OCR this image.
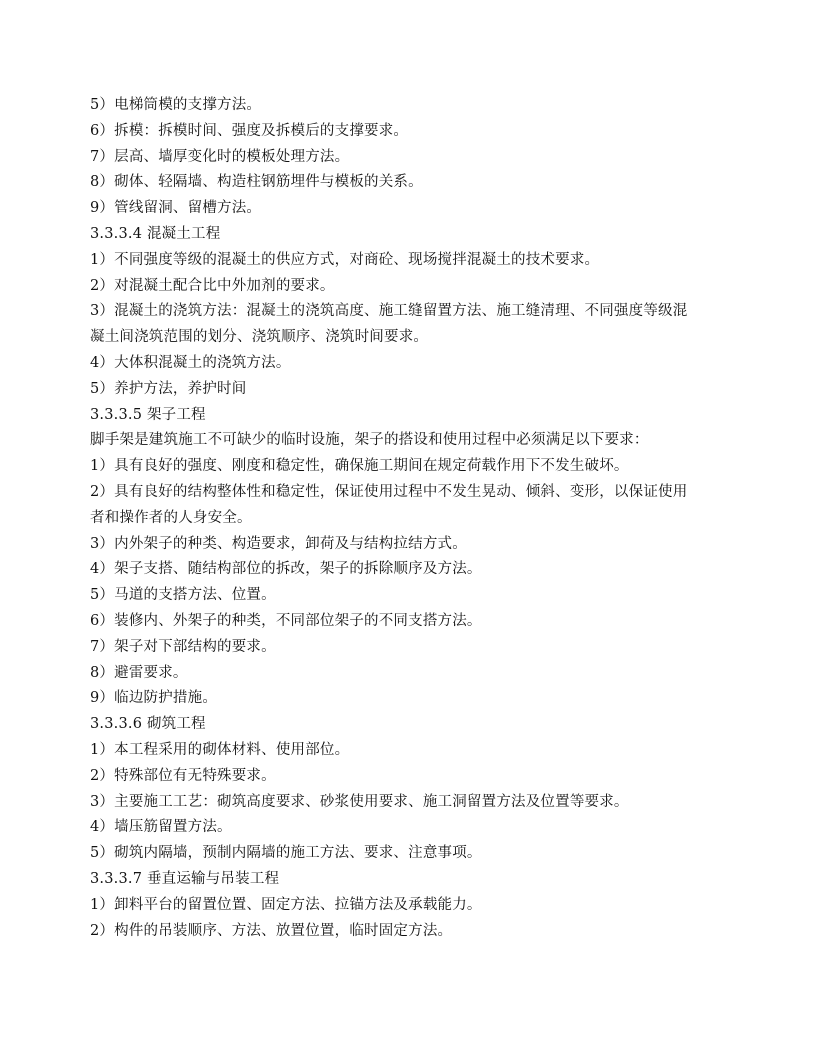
5）电梯筒模的支撑方法。
6）拆模：拆模时间、强度及拆模后的支撑要求。
7）层高、墙厚变化时的模板处理方法。
8）砌体、轻隔墙、构造柱钢筋埋件与模板的关系。
9）管线留洞、留槽方法。
3.3.3.4 混凝土工程
1）不同强度等级的混凝土的供应方式，对商砼、现场搅拌混凝土的技术要求。
2）对混凝土配合比中外加剂的要求。
3）混凝土的浇筑方法：混凝土的浇筑高度、施工缝留置方法、施工缝清理、不同强度等级混
凝土间浇筑范围的划分、浇筑顺序、浇筑时间要求。
4）大体积混凝土的浇筑方法。
5）养护方法，养护时间
3.3.3.5 架子工程
脚手架是建筑施工不可缺少的临时设施，架子的搭设和使用过程中必须满足以下要求：
1）具有良好的强度、刚度和稳定性，确保施工期间在规定荷载作用下不发生破坏。
2）具有良好的结构整体性和稳定性，保证使用过程中不发生晃动、倾斜、变形，以保证使用
者和操作者的人身安全。
3）内外架子的种类、构造要求，卸荷及与结构拉结方式。
4）架子支搭、随结构部位的拆改，架子的拆除顺序及方法。
5）马道的支搭方法、位置。
6）装修内、外架子的种类，不同部位架子的不同支搭方法。
7）架子对下部结构的要求。
8）避雷要求。
9）临边防护措施。
3.3.3.6 砌筑工程
1）本工程采用的砌体材料、使用部位。
2）特殊部位有无特殊要求。
3）主要施工工艺：砌筑高度要求、砂浆使用要求、施工洞留置方法及位置等要求。
4）墙压筋留置方法。
5）砌筑内隔墙，预制内隔墙的施工方法、要求、注意事项。
3.3.3.7 垂直运输与吊装工程
1）卸料平台的留置位置、固定方法、拉锚方法及承载能力。
2）构件的吊装顺序、方法、放置位置，临时固定方法。
